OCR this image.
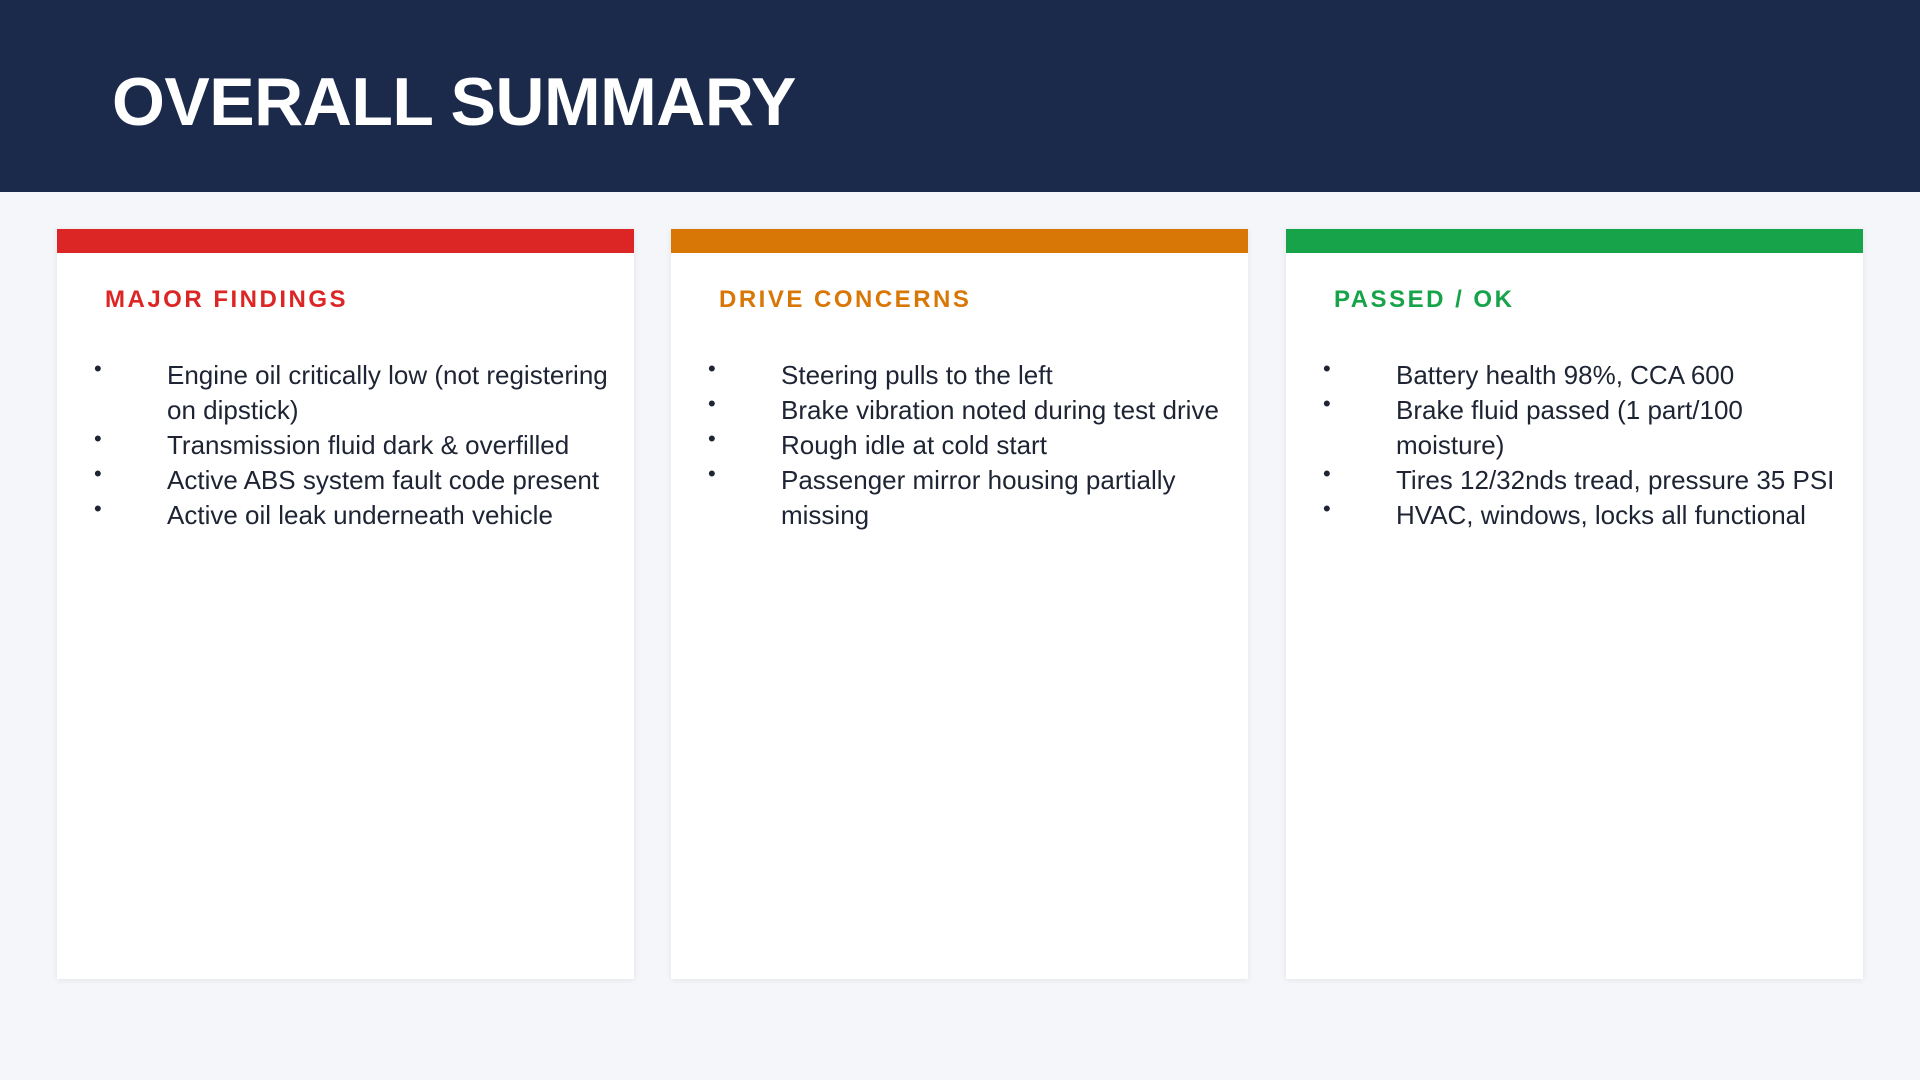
OVERALL SUMMARY
MAJOR FINDINGS
•	Engine oil critically low (not registering on dipstick)
•	Transmission fluid dark & overfilled
•	Active ABS system fault code present
•	Active oil leak underneath vehicle
DRIVE CONCERNS
•	Steering pulls to the left
•	Brake vibration noted during test drive
•	Rough idle at cold start
•	Passenger mirror housing partially missing
PASSED / OK
•	Battery health 98%, CCA 600
•	Brake fluid passed (1 part/100 moisture)
•	Tires 12/32nds tread, pressure 35 PSI
•	HVAC, windows, locks all functional
